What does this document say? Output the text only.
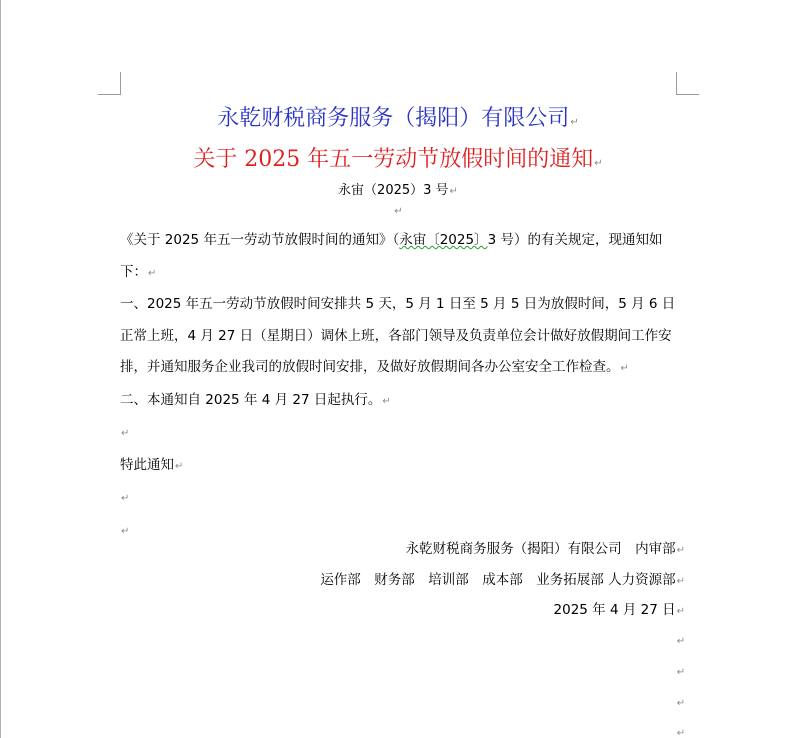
永乾财税商务服务（揭阳）有限公司↵
关于 2025 年五一劳动节放假时间的通知↵
永宙（2025）3 号↵
↵

《关于 2025 年五一劳动节放假时间的通知》（永宙〔2025〕3 号）的有关规定，现通知如下：↵

一、2025 年五一劳动节放假时间安排共 5 天，5 月 1 日至 5 月 5 日为放假时间，5 月 6 日正常上班，4 月 27 日（星期日）调休上班，各部门领导及负责单位会计做好放假期间工作安排，并通知服务企业我司的放假时间安排，及做好放假期间各办公室安全工作检查。↵

二、本通知自 2025 年 4 月 27 日起执行。↵

↵

特此通知↵

↵

↵

永乾财税商务服务（揭阳）有限公司　内审部↵
运作部　财务部　培训部　成本部　业务拓展部 人力资源部↵
2025 年 4 月 27 日↵
↵
↵
↵
↵
